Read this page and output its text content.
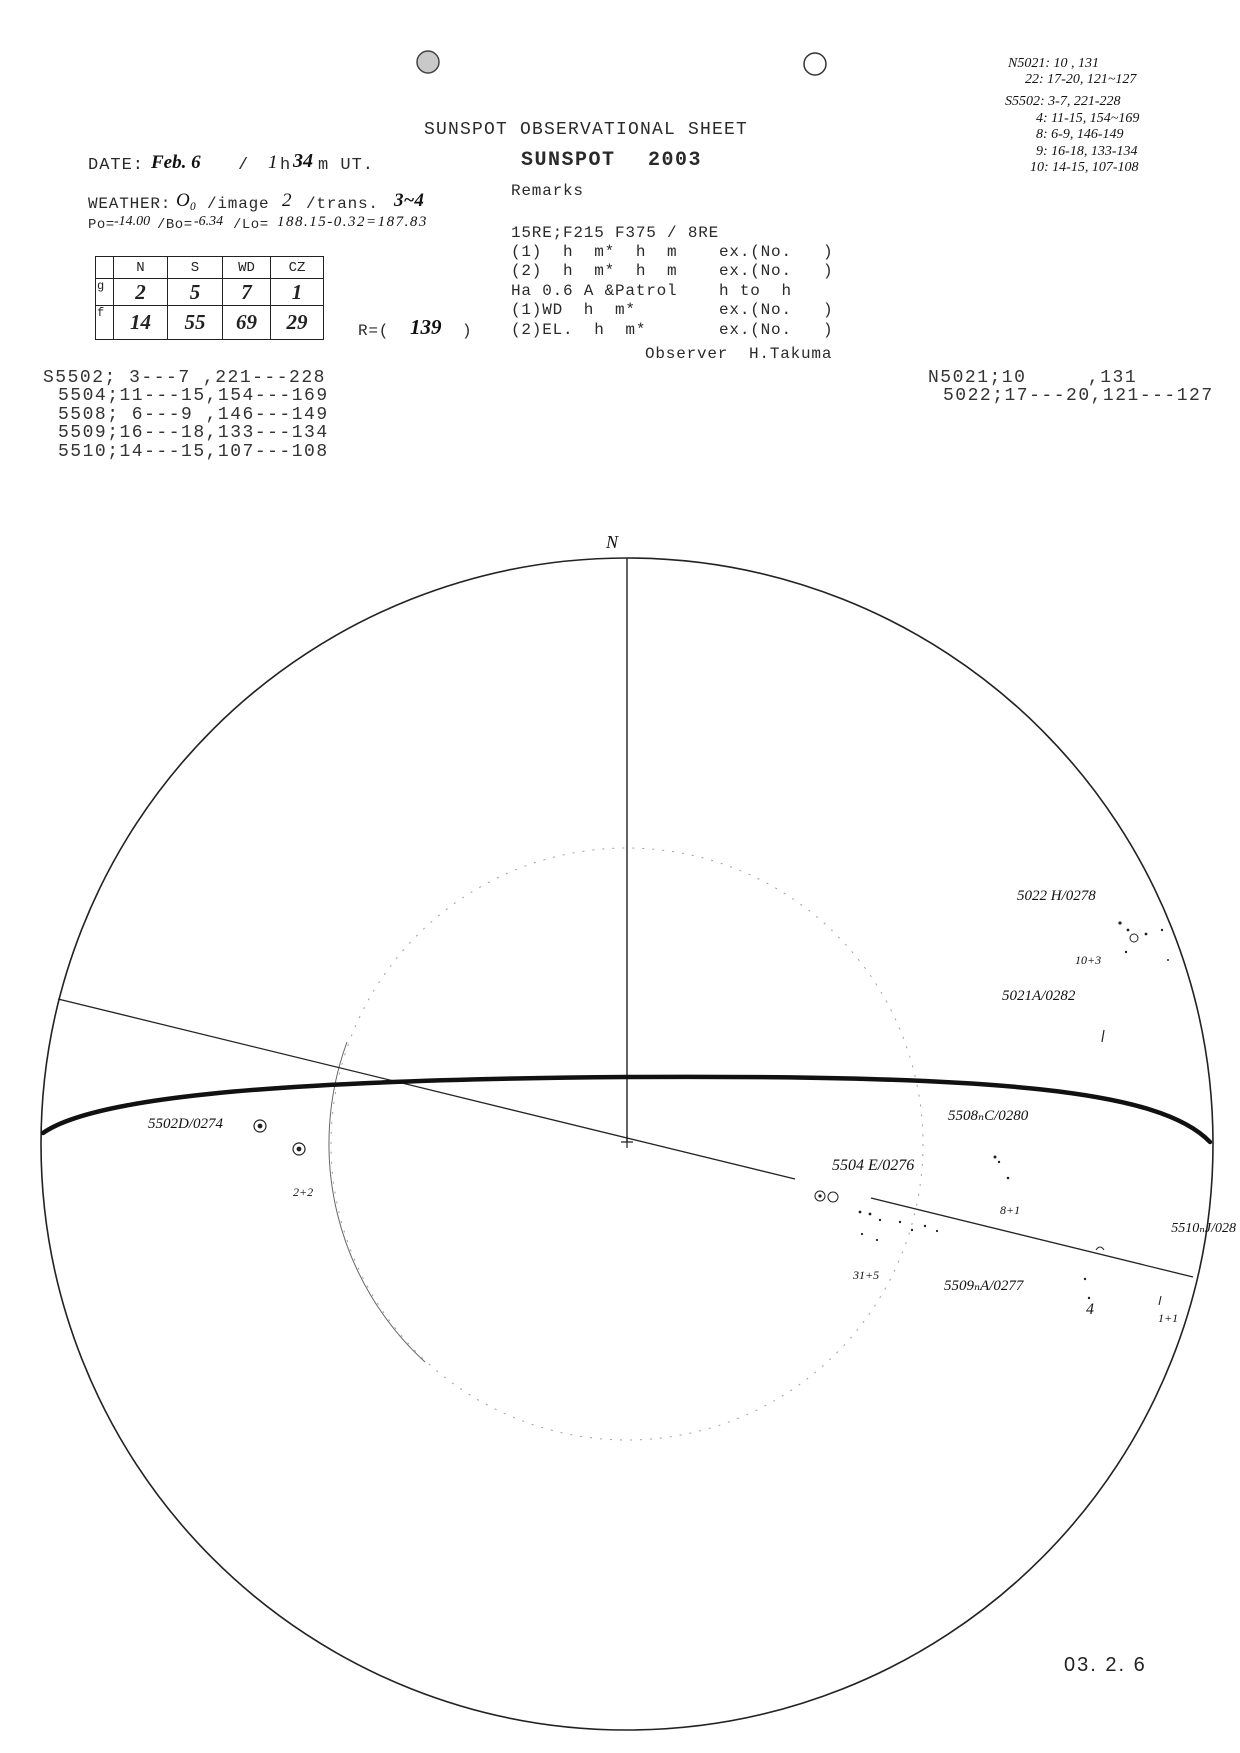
N
5022 H/0278
10+3
5021A/0282
5508ₙC/0280
5504 E/0276
8+1
5510ₙJ/028
5509ₙA/0277
31+5
4	1+1
5502D/0274
2+2
N5021: 10 , 131
22: 17-20, 121~127
S5502: 3-7, 221-228
4: 11-15, 154~169
8: 6-9, 146-149
9: 16-18, 133-134
10: 14-15, 107-108
SUNSPOT OBSERVATIONAL SHEET
DATE: Feb. 6 / 1 h 34 m UT.	SUNSPOT 2003
Remarks
WEATHER: O₀ /image 2 /trans. 3~4
Po= -14.00 /Bo= -6.34 /Lo= 188.15-0.32=187.83
15RE;F215 F375 / 8RE
(1)  h  m*  h  m    ex.(No.   )
(2)  h  m*  h  m    ex.(No.   )
Ha 0.6 A &Patrol    h to  h
(1)WD  h  m*        ex.(No.   )
(2)EL.  h  m*       ex.(No.   )
Observer  H.Takuma
	N	S	WD	CZ
g	2	5	7	1
f	14	55	69	29	R=( 139 )
S5502; 3---7 ,221---228
5504;11---15,154---169
5508; 6---9 ,146---149
5509;16---18,133---134
5510;14---15,107---108
N5021;10     ,131
5022;17---20,121---127
03. 2. 6
